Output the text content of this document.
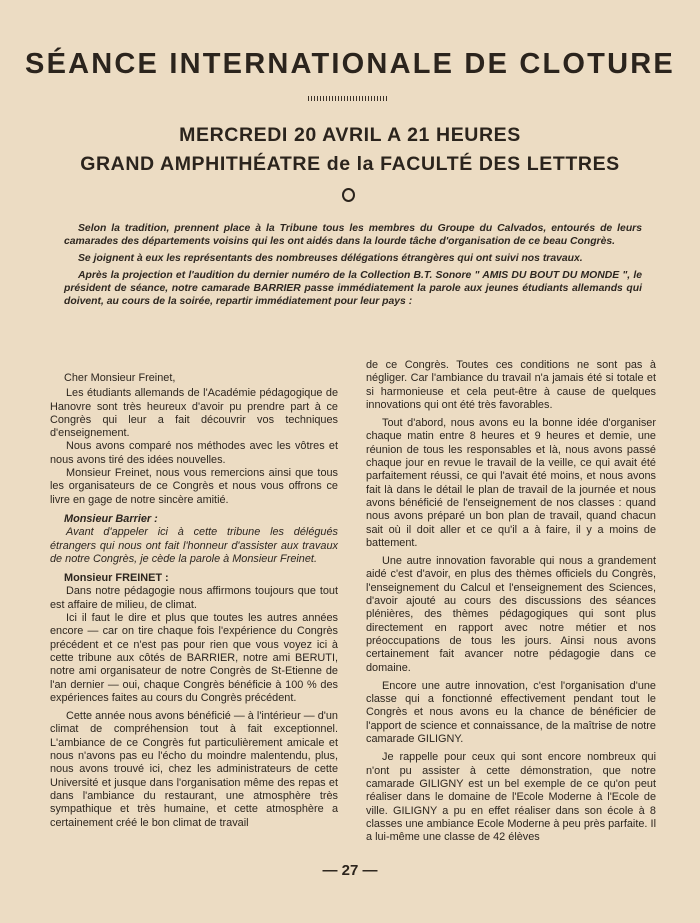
SÉANCE INTERNATIONALE DE CLOTURE
MERCREDI 20 AVRIL A 21 HEURES
GRAND AMPHITHÉATRE de la FACULTÉ DES LETTRES

Selon la tradition, prennent place à la Tribune tous les membres du Groupe du Calvados, entourés de leurs camarades des départements voisins qui les ont aidés dans la lourde tâche d'organisation de ce beau Congrès.

Se joignent à eux les représentants des nombreuses délégations étrangères qui ont suivi nos travaux.

Après la projection et l'audition du dernier numéro de la Collection B.T. Sonore " AMIS DU BOUT DU MONDE ", le président de séance, notre camarade BARRIER passe immédiatement la parole aux jeunes étudiants allemands qui doivent, au cours de la soirée, repartir immédiatement pour leur pays :

Cher Monsieur Freinet,

Les étudiants allemands de l'Académie pédagogique de Hanovre sont très heureux d'avoir pu prendre part à ce Congrès qui leur a fait découvrir vos techniques d'enseignement.

Nous avons comparé nos méthodes avec les vôtres et nous avons tiré des idées nouvelles.

Monsieur Freinet, nous vous remercions ainsi que tous les organisateurs de ce Congrès et nous vous offrons ce livre en gage de notre sincère amitié.

Monsieur Barrier :

Avant d'appeler ici à cette tribune les délégués étrangers qui nous ont fait l'honneur d'assister aux travaux de notre Congrès, je cède la parole à Monsieur Freinet.

Monsieur FREINET :

Dans notre pédagogie nous affirmons toujours que tout est affaire de milieu, de climat.

Ici il faut le dire et plus que toutes les autres années encore — car on tire chaque fois l'expérience du Congrès précédent et ce n'est pas pour rien que vous voyez ici à cette tribune aux côtés de BARRIER, notre ami BERUTI, notre ami organisateur de notre Congrès de St-Etienne de l'an dernier — oui, chaque Congrès bénéficie à 100 % des expériences faites au cours du Congrès précédent.

Cette année nous avons bénéficié — à l'intérieur — d'un climat de compréhension tout à fait exceptionnel. L'ambiance de ce Congrès fut particulièrement amicale et nous n'avons pas eu l'écho du moindre malentendu, plus, nous avons trouvé ici, chez les administrateurs de cette Université et jusque dans l'organisation même des repas et dans l'ambiance du restaurant, une atmosphère très sympathique et très humaine, et cette atmosphère a certainement créé le bon climat de travail

de ce Congrès. Toutes ces conditions ne sont pas à négliger. Car l'ambiance du travail n'a jamais été si totale et si harmonieuse et cela peut-être à cause de quelques innovations qui ont été très favorables.

Tout d'abord, nous avons eu la bonne idée d'organiser chaque matin entre 8 heures et 9 heures et demie, une réunion de tous les responsables et là, nous avons passé chaque jour en revue le travail de la veille, ce qui avait été parfaitement réussi, ce qui l'avait été moins, et nous avons fait là dans le détail le plan de travail de la journée et nous avons bénéficié de l'enseignement de nos classes : quand nous avons préparé un bon plan de travail, quand chacun sait où il doit aller et ce qu'il a à faire, il y a moins de battement.

Une autre innovation favorable qui nous a grandement aidé c'est d'avoir, en plus des thèmes officiels du Congrès, l'enseignement du Calcul et l'enseignement des Sciences, d'avoir ajouté au cours des discussions des séances plénières, des thèmes pédagogiques qui sont plus directement en rapport avec notre métier et nos préoccupations de tous les jours. Ainsi nous avons certainement fait avancer notre pédagogie dans ce domaine.

Encore une autre innovation, c'est l'organisation d'une classe qui a fonctionné effectivement pendant tout le Congrès et nous avons eu la chance de bénéficier de l'apport de science et connaissance, de la maîtrise de notre camarade GILIGNY.

Je rappelle pour ceux qui sont encore nombreux qui n'ont pu assister à cette démonstration, que notre camarade GILIGNY est un bel exemple de ce qu'on peut réaliser dans le domaine de l'Ecole Moderne à l'Ecole de ville. GILIGNY a pu en effet réaliser dans son école à 8 classes une ambiance Ecole Moderne à peu près parfaite. Il a lui-même une classe de 42 élèves

— 27 —
